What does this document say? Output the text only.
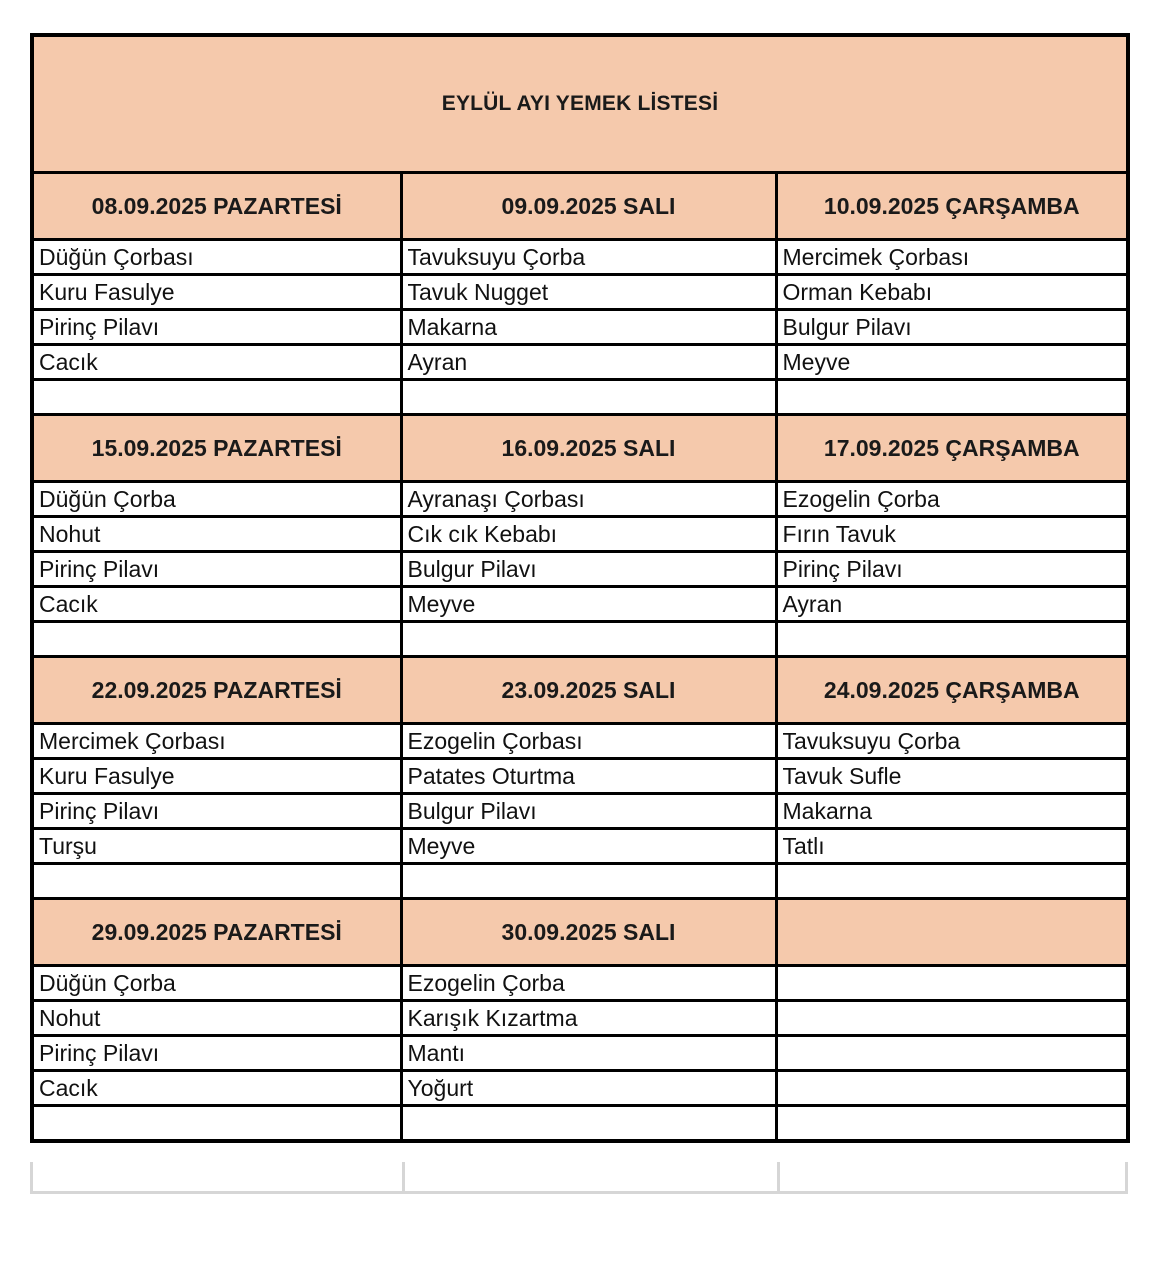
EYLÜL AYI YEMEK LİSTESİ		
08.09.2025 PAZARTESİ	09.09.2025 SALI	10.09.2025 ÇARŞAMBA
Düğün Çorbası	Tavuksuyu Çorba	Mercimek Çorbası
Kuru Fasulye	Tavuk Nugget	Orman Kebabı
Pirinç Pilavı	Makarna	Bulgur Pilavı
Cacık	Ayran	Meyve

15.09.2025 PAZARTESİ	16.09.2025 SALI	17.09.2025 ÇARŞAMBA
Düğün Çorba	Ayranaşı Çorbası	Ezogelin Çorba
Nohut	Cık cık Kebabı	Fırın Tavuk
Pirinç Pilavı	Bulgur Pilavı	Pirinç Pilavı
Cacık	Meyve	Ayran

22.09.2025 PAZARTESİ	23.09.2025 SALI	24.09.2025 ÇARŞAMBA
Mercimek Çorbası	Ezogelin Çorbası	Tavuksuyu Çorba
Kuru Fasulye	Patates Oturtma	Tavuk Sufle
Pirinç Pilavı	Bulgur Pilavı	Makarna
Turşu	Meyve	Tatlı

29.09.2025 PAZARTESİ	30.09.2025 SALI	
Düğün Çorba	Ezogelin Çorba	
Nohut	Karışık Kızartma	
Pirinç Pilavı	Mantı	
Cacık	Yoğurt	
